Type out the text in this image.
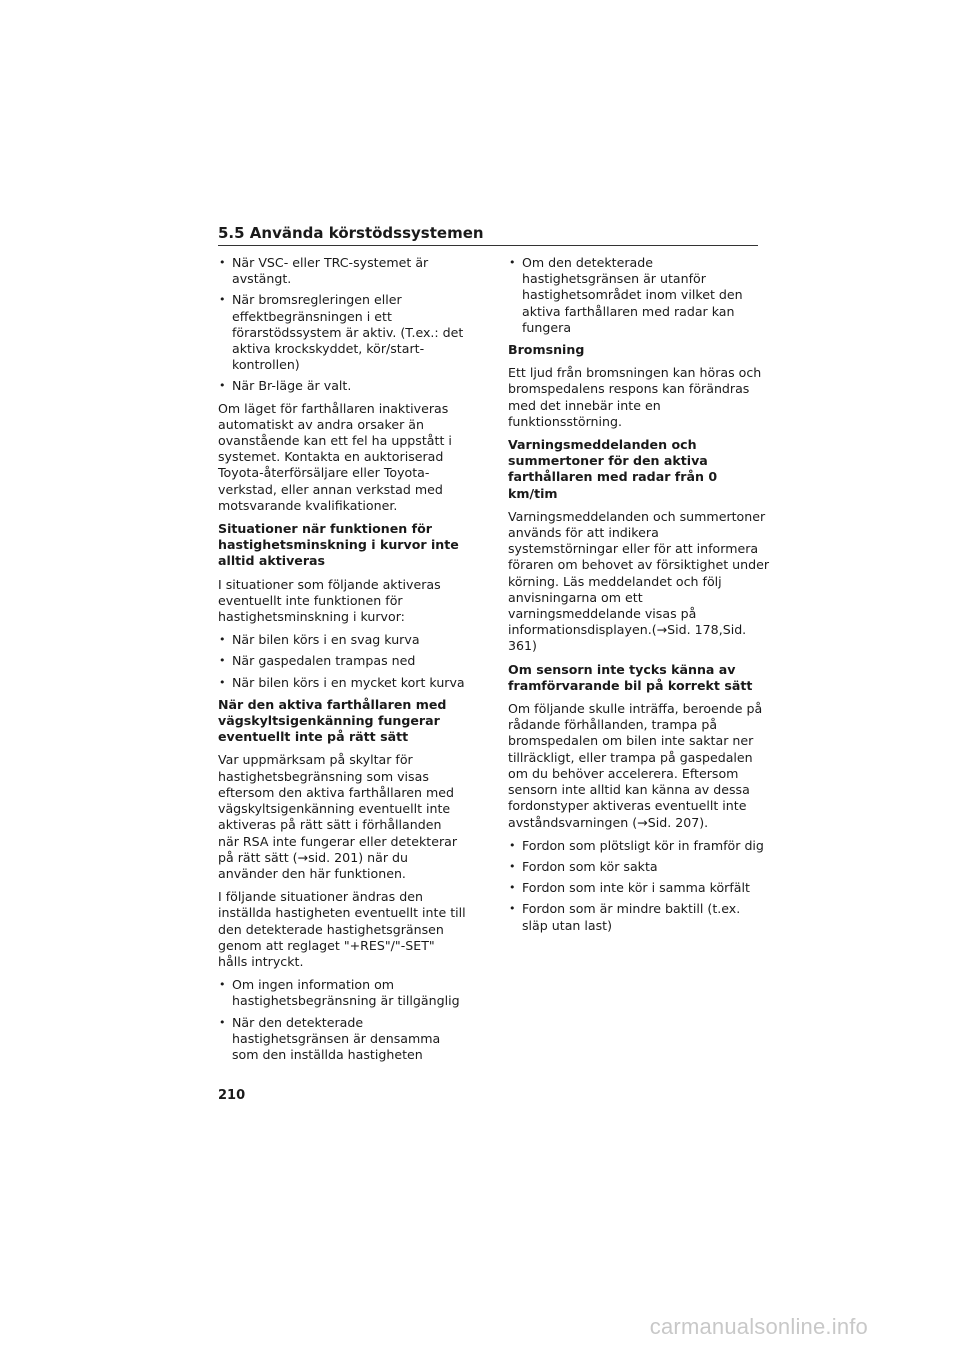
5.5 Använda körstödssystemen
• När VSC- eller TRC-systemet är avstängt.
• När bromsregleringen eller effektbegränsningen i ett förarstödssystem är aktiv. (T.ex.: det aktiva krockskyddet, kör/start-kontrollen)
• När Br-läge är valt.

Om läget för farthållaren inaktiveras automatiskt av andra orsaker än ovanstående kan ett fel ha uppstått i systemet. Kontakta en auktoriserad Toyota-återförsäljare eller Toyota-verkstad, eller annan verkstad med motsvarande kvalifikationer.

Situationer när funktionen för hastighetsminskning i kurvor inte alltid aktiveras

I situationer som följande aktiveras eventuellt inte funktionen för hastighetsminskning i kurvor:

• När bilen körs i en svag kurva
• När gaspedalen trampas ned
• När bilen körs i en mycket kort kurva
När den aktiva farthållaren med vägskyltsigenkänning fungerar eventuellt inte på rätt sätt

Var uppmärksam på skyltar för hastighetsbegränsning som visas eftersom den aktiva farthållaren med vägskyltsigenkänning eventuellt inte aktiveras på rätt sätt i förhållanden när RSA inte fungerar eller detekterar på rätt sätt (→sid. 201) när du använder den här funktionen.

I följande situationer ändras den inställda hastigheten eventuellt inte till den detekterade hastighetsgränsen genom att reglaget "+RES"/"-SET" hålls intryckt.

• Om ingen information om hastighetsbegränsning är tillgänglig
• När den detekterade hastighetsgränsen är densamma som den inställda hastigheten
• Om den detekterade hastighetsgränsen är utanför hastighetsområdet inom vilket den aktiva farthållaren med radar kan fungera
Bromsning

Ett ljud från bromsningen kan höras och bromspedalens respons kan förändras med det innebär inte en funktionsstörning.

Varningsmeddelanden och summertoner för den aktiva farthållaren med radar från 0 km/tim

Varningsmeddelanden och summertoner används för att indikera systemstörningar eller för att informera föraren om behovet av försiktighet under körning. Läs meddelandet och följ anvisningarna om ett varningsmeddelande visas på informationsdisplayen.(→Sid. 178,Sid. 361)

Om sensorn inte tycks känna av framförvarande bil på korrekt sätt

Om följande skulle inträffa, beroende på rådande förhållanden, trampa på bromspedalen om bilen inte saktar ner tillräckligt, eller trampa på gaspedalen om du behöver accelerera. Eftersom sensorn inte alltid kan känna av dessa fordonstyper aktiveras eventuellt inte avståndsvarningen (→Sid. 207).

• Fordon som plötsligt kör in framför dig
• Fordon som kör sakta
• Fordon som inte kör i samma körfält
• Fordon som är mindre baktill (t.ex. släp utan last)
210
carmanualsonline.info
